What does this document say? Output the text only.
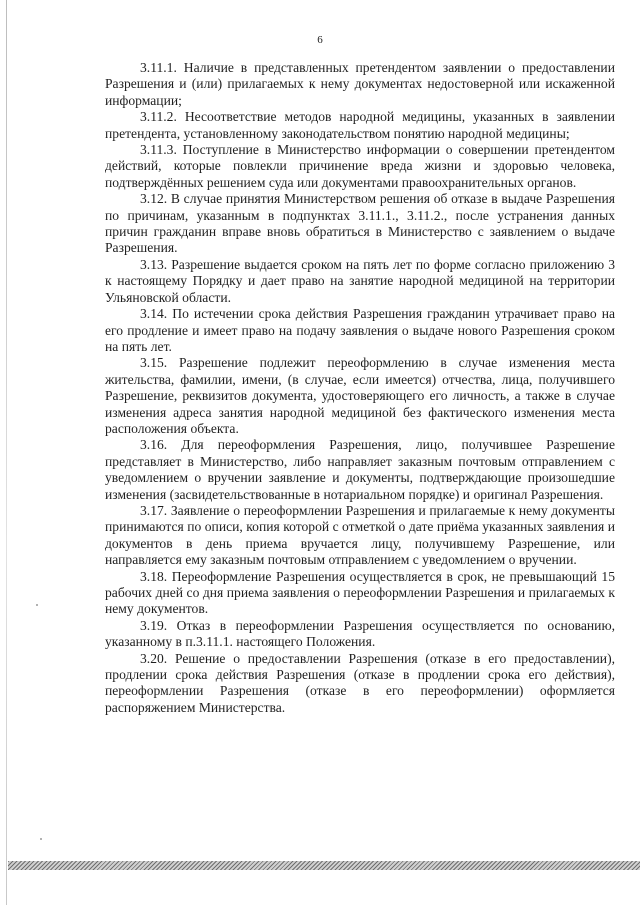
6

3.11.1. Наличие в представленных претендентом заявлении о предоставлении Разрешения и (или) прилагаемых к нему документах недостоверной или искаженной информации;

3.11.2. Несоответствие методов народной медицины, указанных в заявлении претендента, установленному законодательством понятию народной медицины;

3.11.3. Поступление в Министерство информации о совершении претендентом действий, которые повлекли причинение вреда жизни и здоровью человека, подтверждённых решением суда или документами правоохранительных органов.

3.12. В случае принятия Министерством решения об отказе в выдаче Разрешения по причинам, указанным в подпунктах 3.11.1., 3.11.2., после устранения данных причин гражданин вправе вновь обратиться в Министерство с заявлением о выдаче Разрешения.

3.13. Разрешение выдается сроком на пять лет по форме согласно приложению 3 к настоящему Порядку и дает право на занятие народной медициной на территории Ульяновской области.

3.14. По истечении срока действия Разрешения гражданин утрачивает право на его продление и имеет право на подачу заявления о выдаче нового Разрешения сроком на пять лет.

3.15. Разрешение подлежит переоформлению в случае изменения места жительства, фамилии, имени, (в случае, если имеется) отчества, лица, получившего Разрешение, реквизитов документа, удостоверяющего его личность, а также в случае изменения адреса занятия народной медициной без фактического изменения места расположения объекта.

3.16. Для переоформления Разрешения, лицо, получившее Разрешение представляет в Министерство, либо направляет заказным почтовым отправлением с уведомлением о вручении заявление и документы, подтверждающие произошедшие изменения (засвидетельствованные в нотариальном порядке) и оригинал Разрешения.

3.17. Заявление о переоформлении Разрешения и прилагаемые к нему документы принимаются по описи, копия которой с отметкой о дате приёма указанных заявления и документов в день приема вручается лицу, получившему Разрешение, или направляется ему заказным почтовым отправлением с уведомлением о вручении.

3.18. Переоформление Разрешения осуществляется в срок, не превышающий 15 рабочих дней со дня приема заявления о переоформлении Разрешения и прилагаемых к нему документов.

3.19. Отказ в переоформлении Разрешения осуществляется по основанию, указанному в п.3.11.1. настоящего Положения.

3.20. Решение о предоставлении Разрешения (отказе в его предоставлении), продлении срока действия Разрешения (отказе в продлении срока его действия), переоформлении Разрешения (отказе в его переоформлении) оформляется распоряжением Министерства.
